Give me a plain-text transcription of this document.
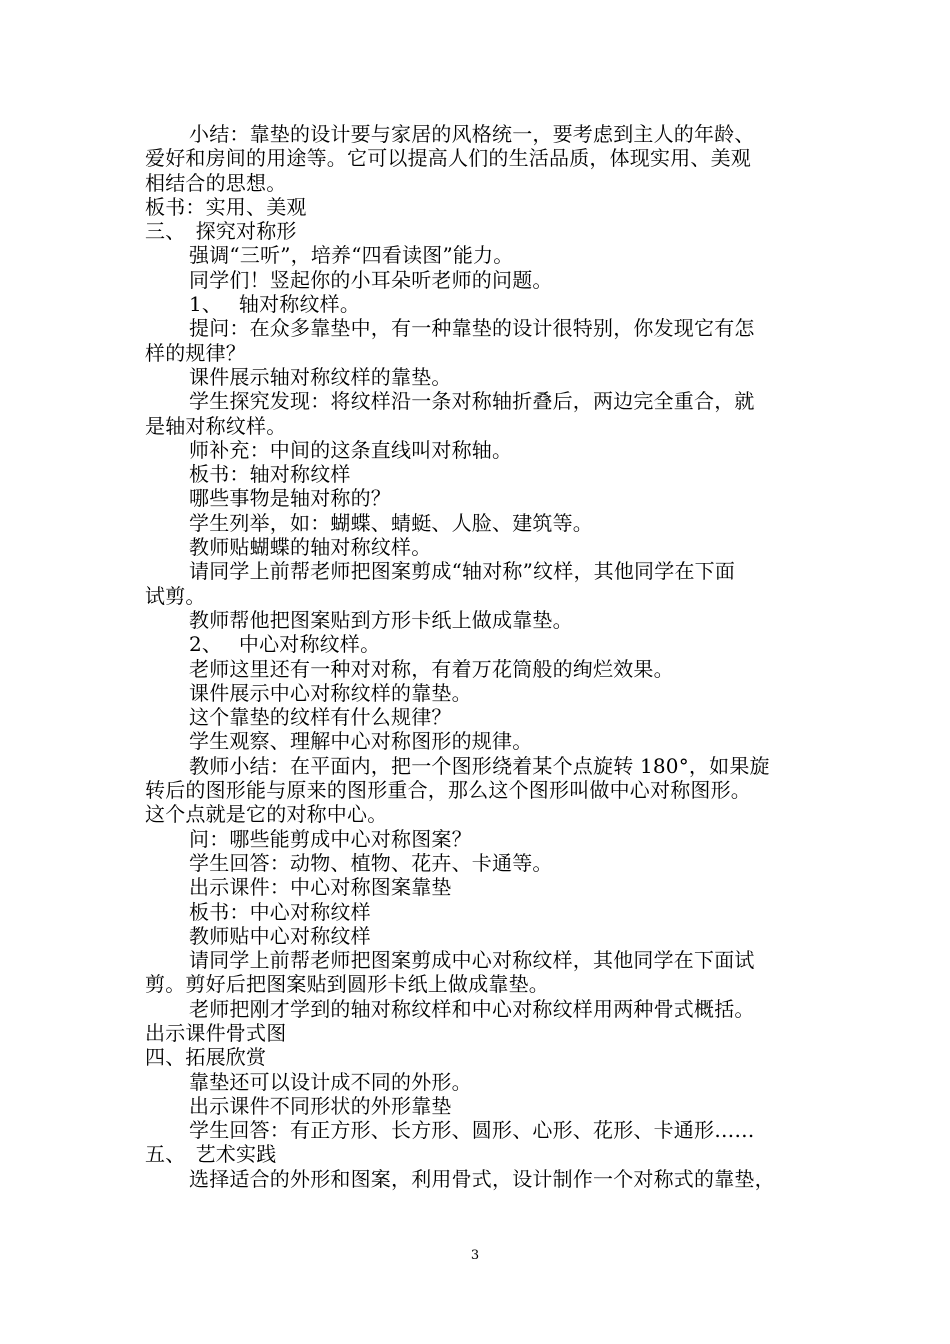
小结：靠垫的设计要与家居的风格统一，要考虑到主人的年龄、
爱好和房间的用途等。它可以提高人们的生活品质，体现实用、美观
相结合的思想。
板书：实用、美观
三、　探究对称形
强调“三听”，培养“四看读图”能力。
同学们！竖起你的小耳朵听老师的问题。
1、　 轴对称纹样。
提问：在众多靠垫中，有一种靠垫的设计很特别，你发现它有怎
样的规律？
课件展示轴对称纹样的靠垫。
学生探究发现：将纹样沿一条对称轴折叠后，两边完全重合，就
是轴对称纹样。
师补充：中间的这条直线叫对称轴。
板书：轴对称纹样
哪些事物是轴对称的？
学生列举，如：蝴蝶、蜻蜓、人脸、建筑等。
教师贴蝴蝶的轴对称纹样。
请同学上前帮老师把图案剪成“轴对称”纹样，其他同学在下面
试剪。
教师帮他把图案贴到方形卡纸上做成靠垫。
2、　 中心对称纹样。
老师这里还有一种对对称，有着万花筒般的绚烂效果。
课件展示中心对称纹样的靠垫。
这个靠垫的纹样有什么规律？
学生观察、理解中心对称图形的规律。
教师小结：在平面内，把一个图形绕着某个点旋转 180°，如果旋
转后的图形能与原来的图形重合，那么这个图形叫做中心对称图形。
这个点就是它的对称中心。
问：哪些能剪成中心对称图案？
学生回答：动物、植物、花卉、卡通等。
出示课件：中心对称图案靠垫
板书：中心对称纹样
教师贴中心对称纹样
请同学上前帮老师把图案剪成中心对称纹样，其他同学在下面试
剪。剪好后把图案贴到圆形卡纸上做成靠垫。
老师把刚才学到的轴对称纹样和中心对称纹样用两种骨式概括。
出示课件骨式图
四、拓展欣赏
靠垫还可以设计成不同的外形。
出示课件不同形状的外形靠垫
学生回答：有正方形、长方形、圆形、心形、花形、卡通形……
五、　艺术实践
选择适合的外形和图案，利用骨式，设计制作一个对称式的靠垫，
3
